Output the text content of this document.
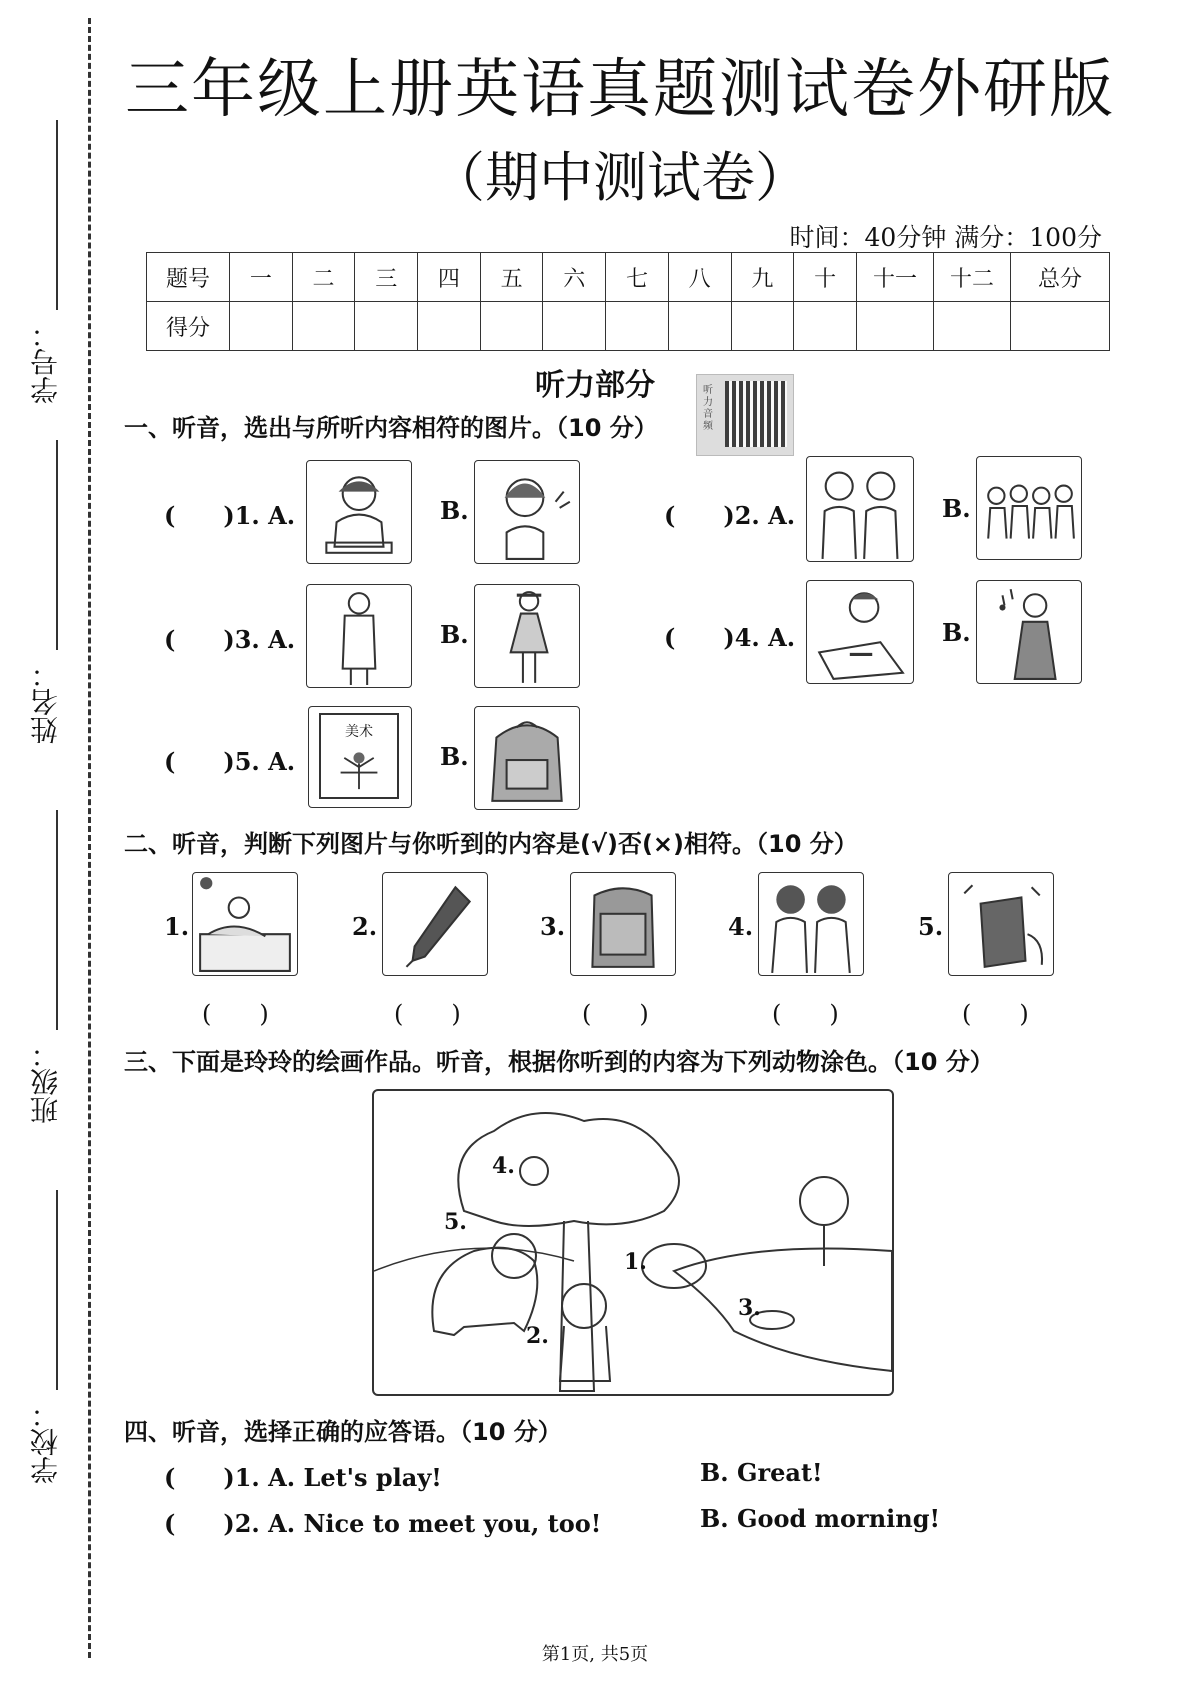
学号：
姓名：
班级：
学校：
三年级上册英语真题测试卷外研版
（期中测试卷）
时间：40分钟 满分：100分
题号	一	二	三	四	五	六	七	八	九	十	十一	十二	总分
得分													
听力部分	听力音频
一、听音，选出与所听内容相符的图片。（10 分）
(　　)1. A.	B.	(　　)2. A.	B.
(　　)3. A.	B.	(　　)4. A.	B.
(　　)5. A.
美术
B.
二、听音，判断下列图片与你听到的内容是(√)否(×)相符。（10 分）
1.
(　　)
2.
(　　)
3.
(　　)
4.
(　　)
5.
(　　)
三、下面是玲玲的绘画作品。听音，根据你听到的内容为下列动物涂色。（10 分）
1.
2.
3.
4.
5.
四、听音，选择正确的应答语。（10 分）
(　　)1. A. Let's play!	B. Great!
(　　)2. A. Nice to meet you, too!	B. Good morning!
第1页, 共5页
